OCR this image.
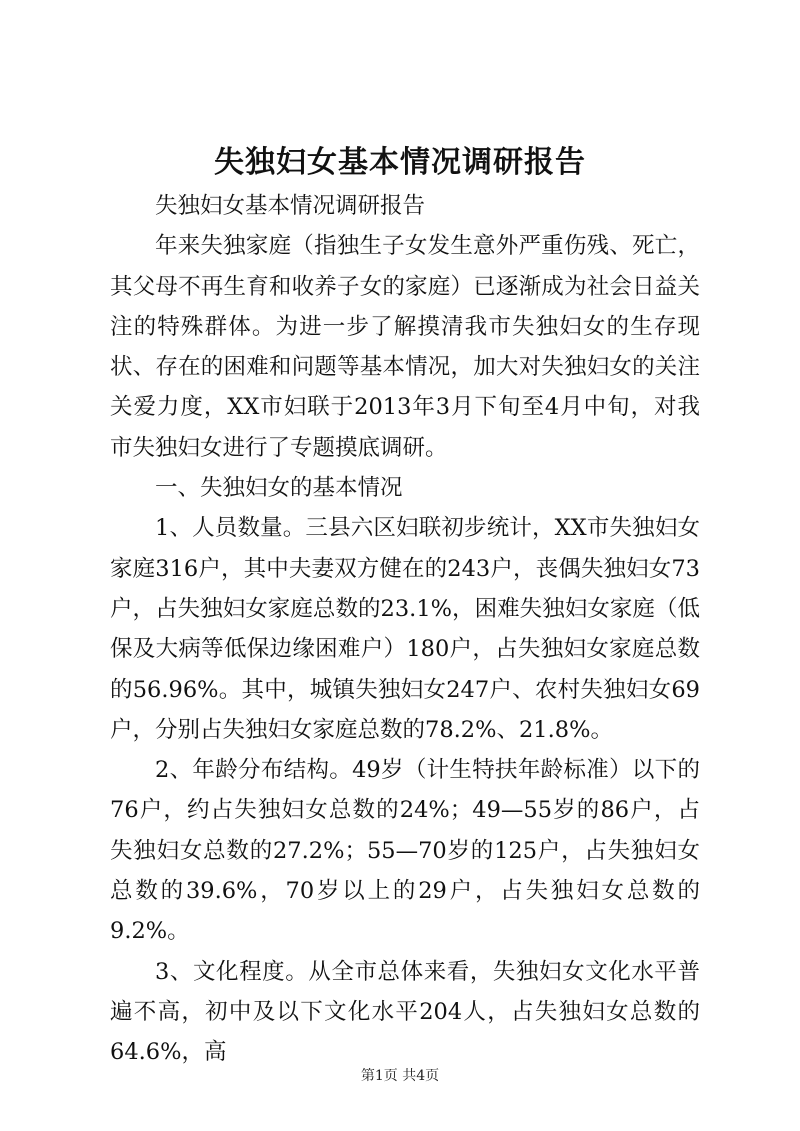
失独妇女基本情况调研报告

失独妇女基本情况调研报告

年来失独家庭（指独生子女发生意外严重伤残、死亡，其父母不再生育和收养子女的家庭）已逐渐成为社会日益关注的特殊群体。为进一步了解摸清我市失独妇女的生存现状、存在的困难和问题等基本情况，加大对失独妇女的关注关爱力度，XX市妇联于2013年3月下旬至4月中旬，对我市失独妇女进行了专题摸底调研。

一、失独妇女的基本情况

1、人员数量。三县六区妇联初步统计，XX市失独妇女家庭316户，其中夫妻双方健在的243户，丧偶失独妇女73户，占失独妇女家庭总数的23.1%，困难失独妇女家庭（低保及大病等低保边缘困难户）180户，占失独妇女家庭总数的56.96%。其中，城镇失独妇女247户、农村失独妇女69户，分别占失独妇女家庭总数的78.2%、21.8%。

2、年龄分布结构。49岁（计生特扶年龄标准）以下的76户，约占失独妇女总数的24%；49—55岁的86户，占失独妇女总数的27.2%；55—70岁的125户，占失独妇女总数的39.6%，70岁以上的29户，占失独妇女总数的9.2%。

3、文化程度。从全市总体来看，失独妇女文化水平普遍不高，初中及以下文化水平204人，占失独妇女总数的64.6%，高

第1页 共4页
